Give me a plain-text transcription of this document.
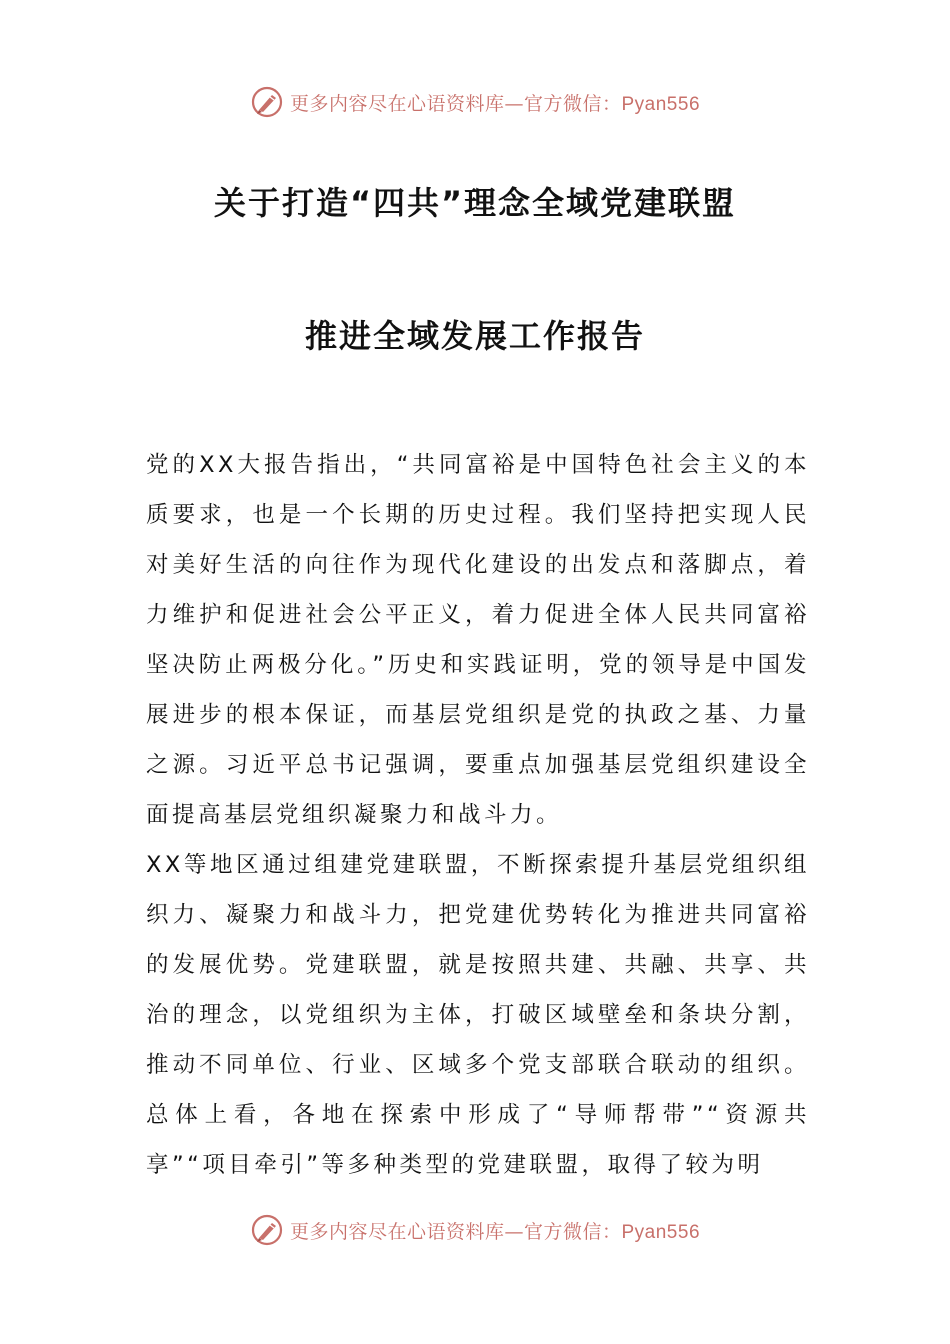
更多内容尽在心语资料库—官方微信：Pyan556
关于打造“四共”理念全域党建联盟
推进全域发展工作报告

党的XX大报告指出，“共同富裕是中国特色社会主义的本质要求，也是一个长期的历史过程。我们坚持把实现人民对美好生活的向往作为现代化建设的出发点和落脚点，着力维护和促进社会公平正义，着力促进全体人民共同富裕坚决防止两极分化。”历史和实践证明，党的领导是中国发展进步的根本保证，而基层党组织是党的执政之基、力量之源。习近平总书记强调，要重点加强基层党组织建设全面提高基层党组织凝聚力和战斗力。

XX等地区通过组建党建联盟，不断探索提升基层党组织组织力、凝聚力和战斗力，把党建优势转化为推进共同富裕的发展优势。党建联盟，就是按照共建、共融、共享、共治的理念，以党组织为主体，打破区域壁垒和条块分割，推动不同单位、行业、区域多个党支部联合联动的组织。总体上看，各地在探索中形成了“导师帮带”“资源共享”“项目牵引”等多种类型的党建联盟，取得了较为明

更多内容尽在心语资料库—官方微信：Pyan556
